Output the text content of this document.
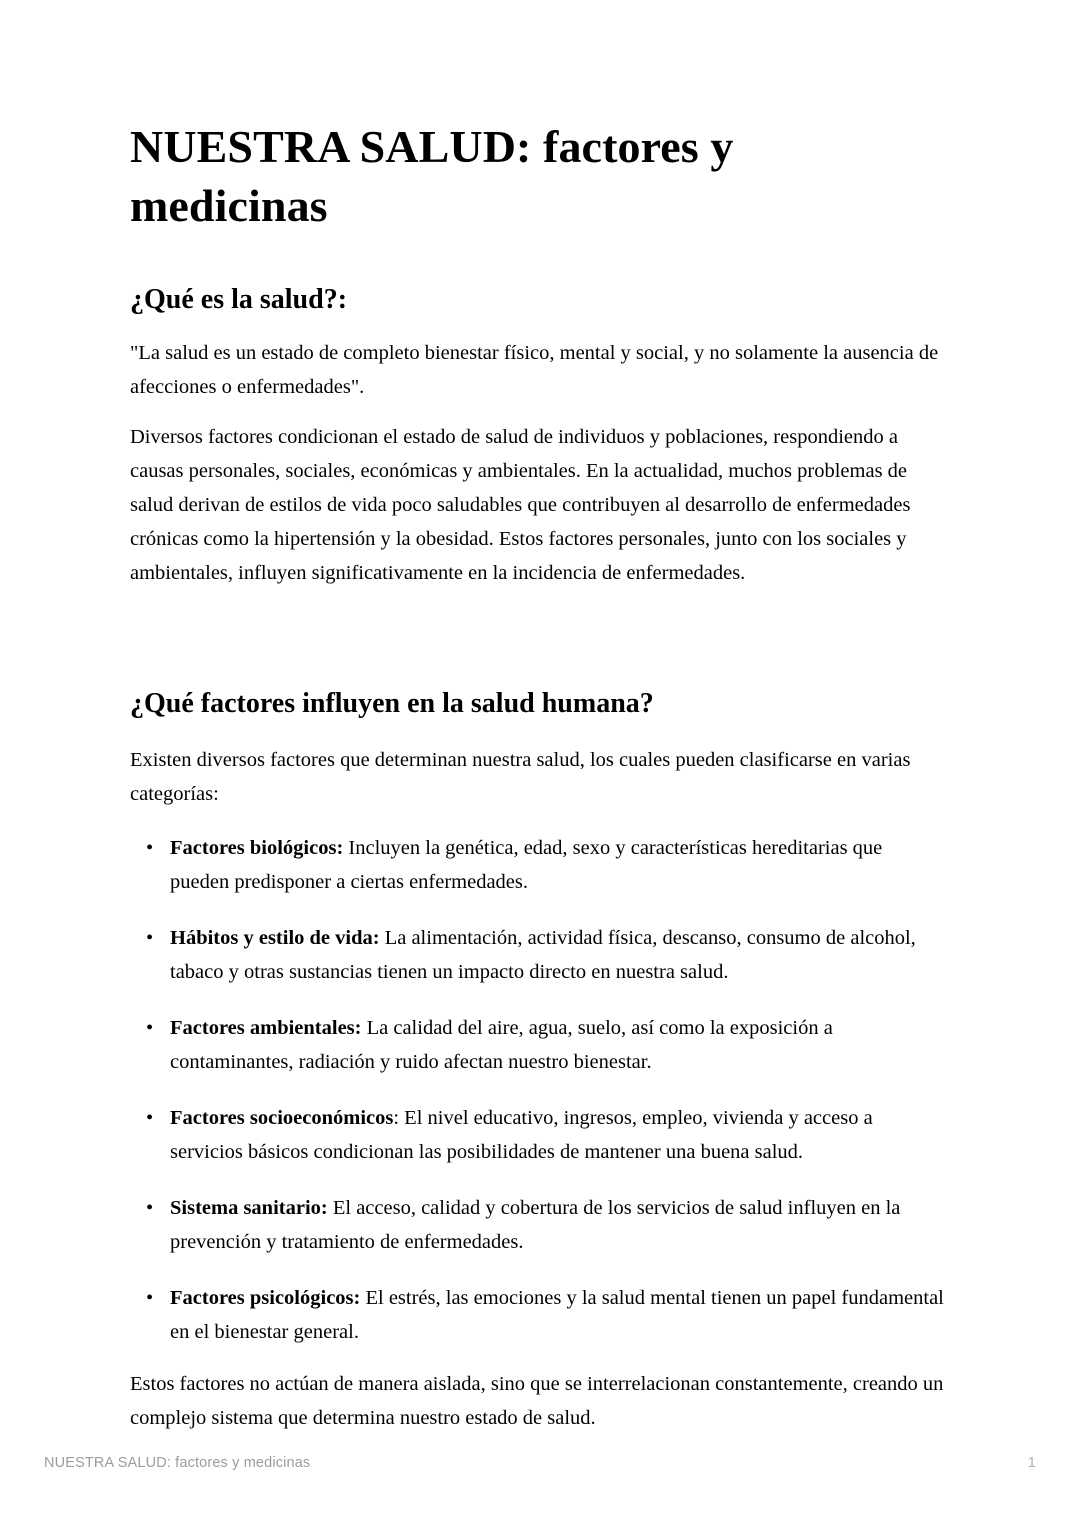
NUESTRA SALUD: factores y medicinas
¿Qué es la salud?:

"La salud es un estado de completo bienestar físico, mental y social, y no solamente la ausencia de afecciones o enfermedades".

Diversos factores condicionan el estado de salud de individuos y poblaciones, respondiendo a causas personales, sociales, económicas y ambientales. En la actualidad, muchos problemas de salud derivan de estilos de vida poco saludables que contribuyen al desarrollo de enfermedades crónicas como la hipertensión y la obesidad. Estos factores personales, junto con los sociales y ambientales, influyen significativamente en la incidencia de enfermedades.

¿Qué factores influyen en la salud humana?

Existen diversos factores que determinan nuestra salud, los cuales pueden clasificarse en varias categorías:

• Factores biológicos: Incluyen la genética, edad, sexo y características hereditarias que pueden predisponer a ciertas enfermedades.
• Hábitos y estilo de vida: La alimentación, actividad física, descanso, consumo de alcohol, tabaco y otras sustancias tienen un impacto directo en nuestra salud.
• Factores ambientales: La calidad del aire, agua, suelo, así como la exposición a contaminantes, radiación y ruido afectan nuestro bienestar.
• Factores socioeconómicos: El nivel educativo, ingresos, empleo, vivienda y acceso a servicios básicos condicionan las posibilidades de mantener una buena salud.
• Sistema sanitario: El acceso, calidad y cobertura de los servicios de salud influyen en la prevención y tratamiento de enfermedades.
• Factores psicológicos: El estrés, las emociones y la salud mental tienen un papel fundamental en el bienestar general.

Estos factores no actúan de manera aislada, sino que se interrelacionan constantemente, creando un complejo sistema que determina nuestro estado de salud.

NUESTRA SALUD: factores y medicinas	1
